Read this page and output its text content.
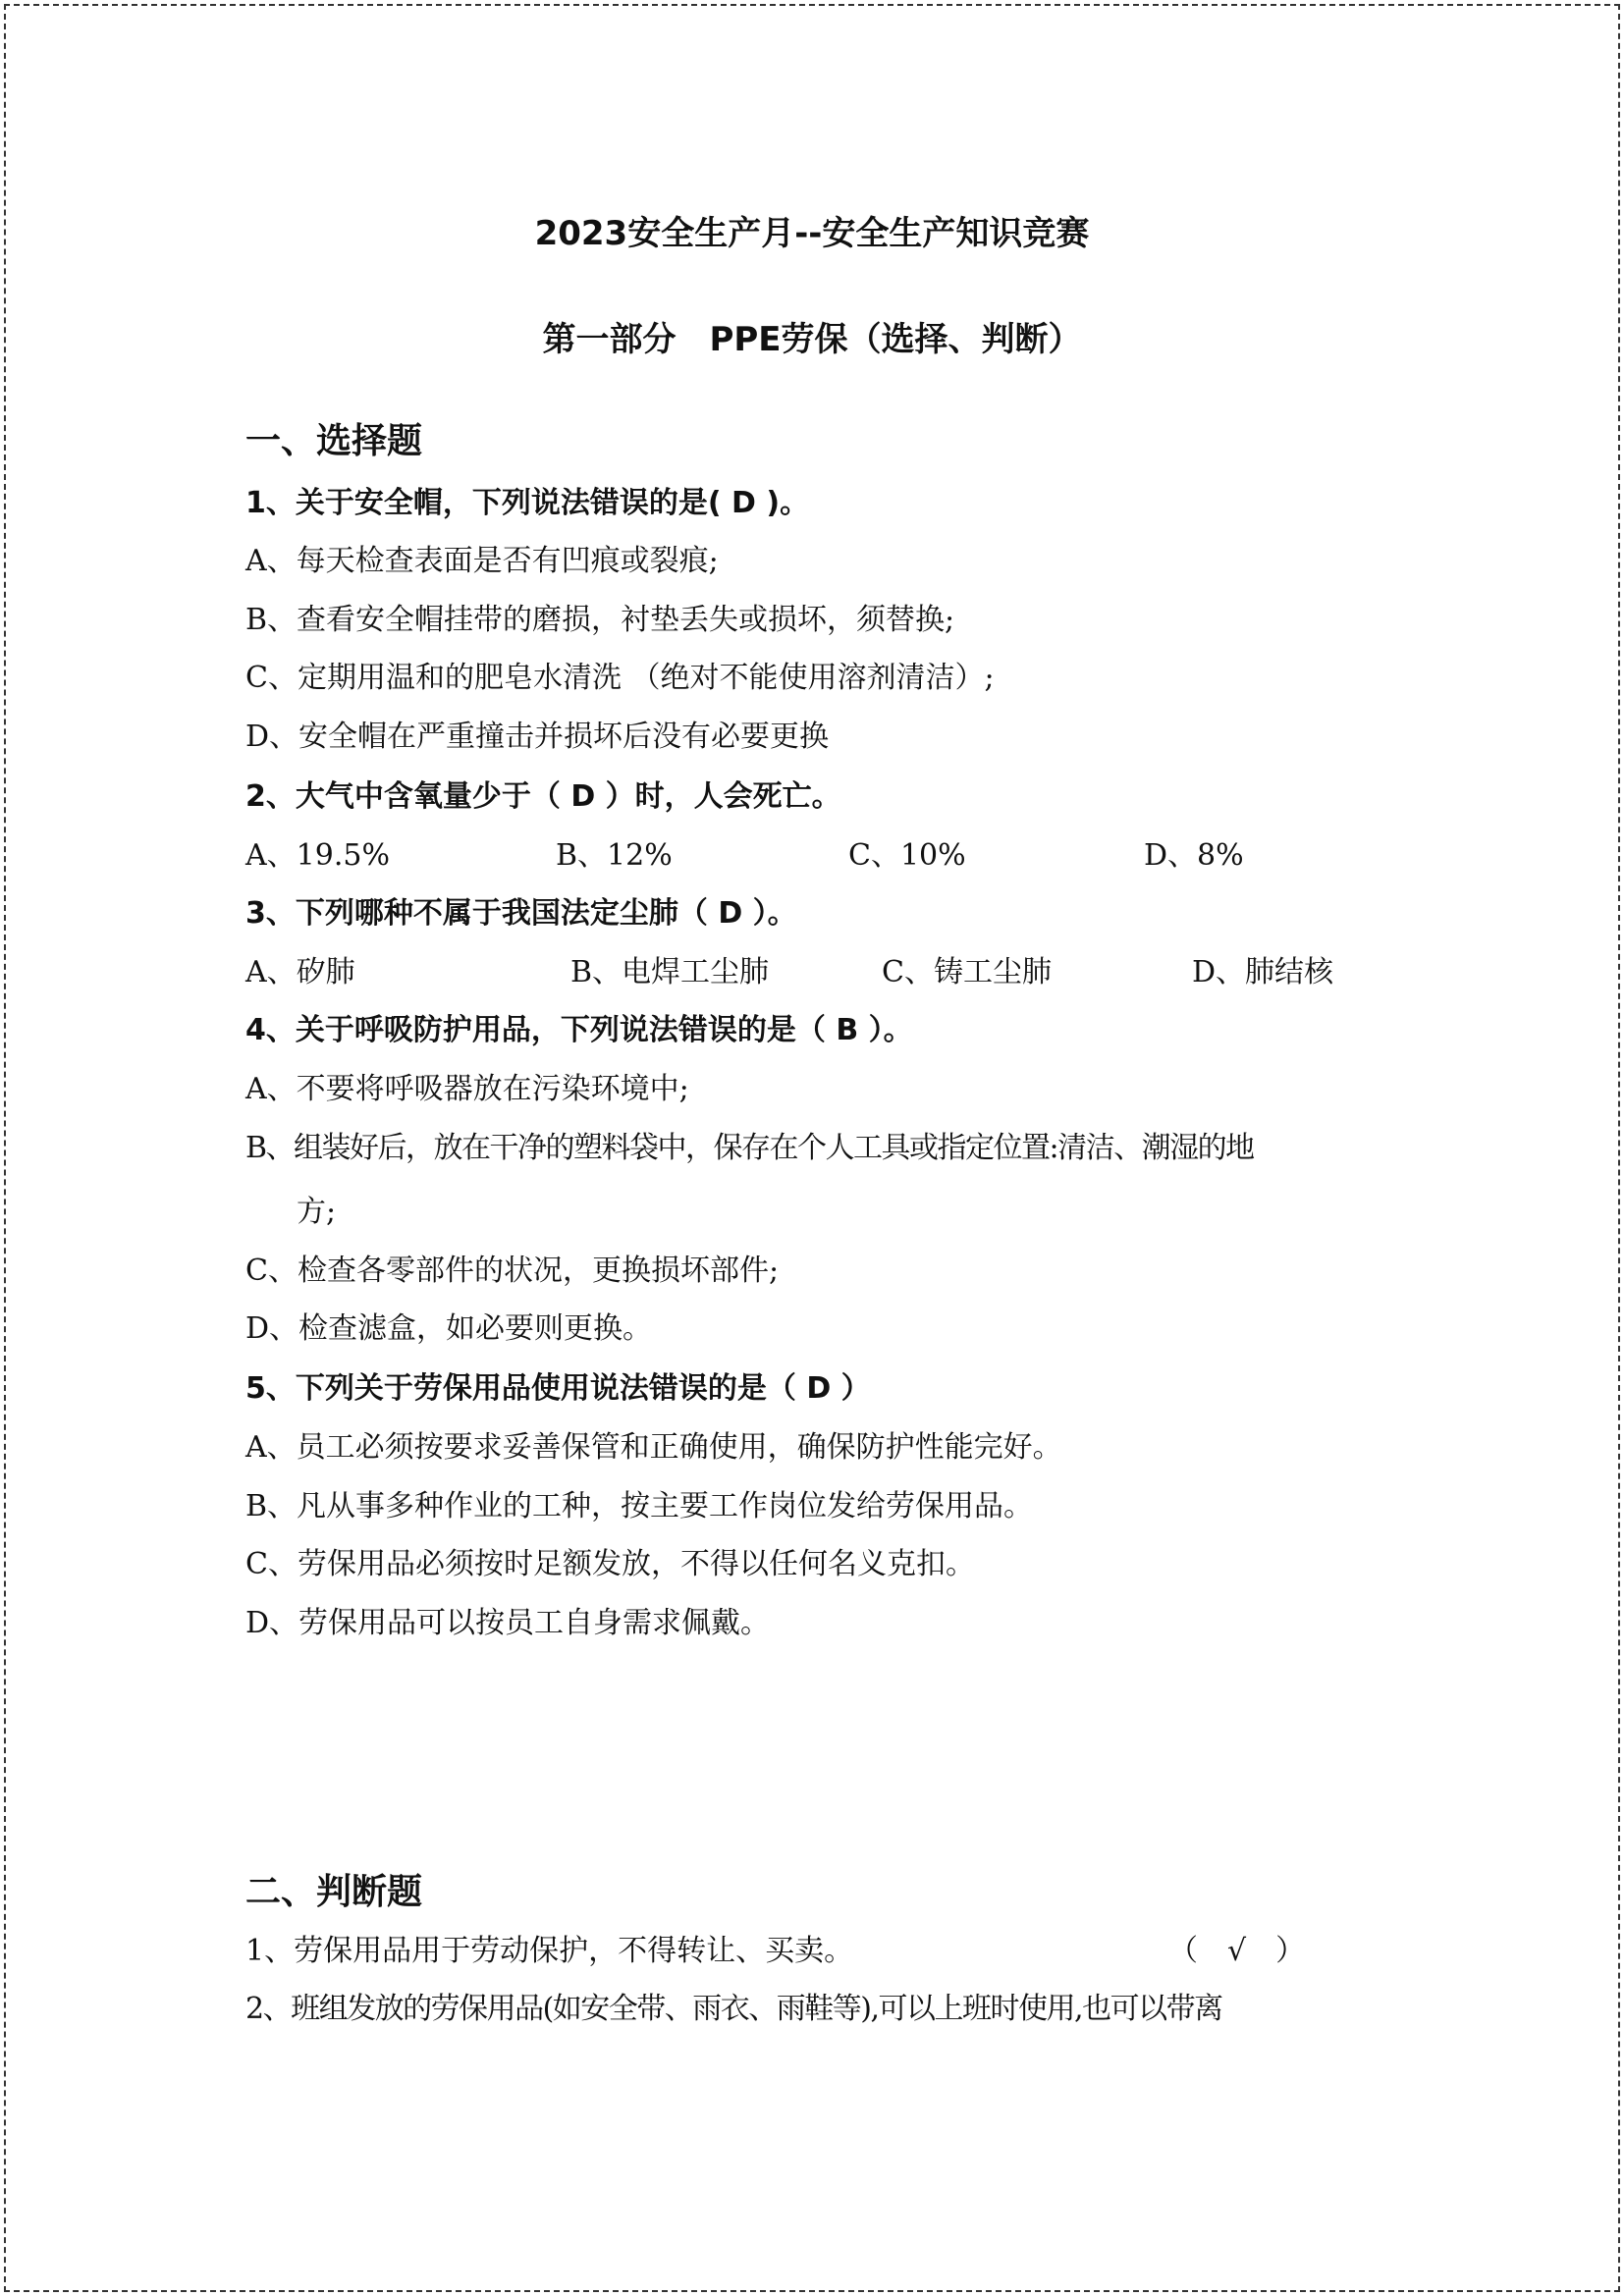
2023安全生产月--安全生产知识竞赛
第一部分　PPE劳保（选择、判断）
一、选择题
1、关于安全帽，下列说法错误的是( D )。
A、每天检查表面是否有凹痕或裂痕;
B、查看安全帽挂带的磨损，衬垫丢失或损坏，须替换;
C、定期用温和的肥皂水清洗 （绝对不能使用溶剂清洁）;
D、安全帽在严重撞击并损坏后没有必要更换
2、大气中含氧量少于（ D ）时，人会死亡。
A、19.5%	B、12%	C、10%	D、8%
3、下列哪种不属于我国法定尘肺（ D ）。
A、矽肺	B、电焊工尘肺	C、铸工尘肺	D、肺结核
4、关于呼吸防护用品，下列说法错误的是（ B ）。
A、不要将呼吸器放在污染环境中;
B、组装好后，放在干净的塑料袋中，保存在个人工具或指定位置:清洁、潮湿的地
方;
C、检查各零部件的状况，更换损坏部件;
D、检查滤盒，如必要则更换。
5、下列关于劳保用品使用说法错误的是（ D ）
A、员工必须按要求妥善保管和正确使用，确保防护性能完好。
B、凡从事多种作业的工种，按主要工作岗位发给劳保用品。
C、劳保用品必须按时足额发放，不得以任何名义克扣。
D、劳保用品可以按员工自身需求佩戴。
二、判断题
1、劳保用品用于劳动保护，不得转让、买卖。	（　√　）
2、班组发放的劳保用品(如安全带、雨衣、雨鞋等),可以上班时使用,也可以带离
